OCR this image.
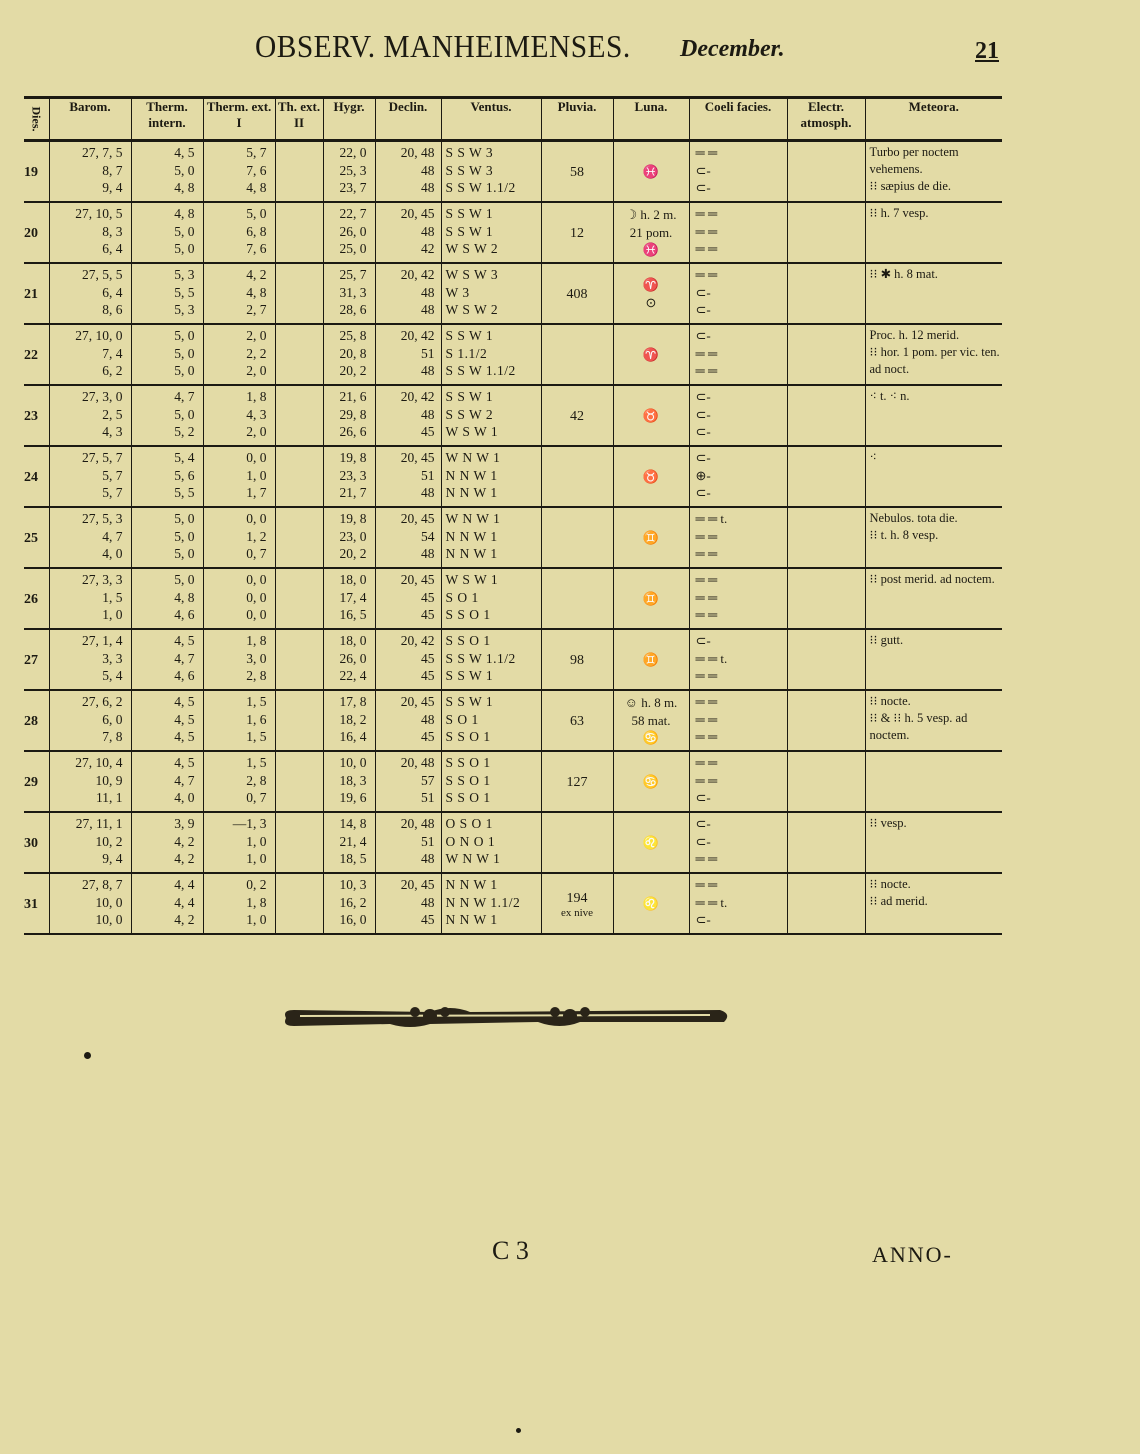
OBSERV. MANHEIMENSES. December.	21
Dies.	Barom.	Therm. intern.	Therm. ext. I	Th. ext. II	Hygr.	Declin.	Ventus.	Pluvia.	Luna.	Coeli facies.	Electr. atmosph.	Meteora.
19	27, 7, 5
8, 7
9, 4	4, 5
5, 0
4, 8	5, 7
7, 6
4, 8		22, 0
25, 3
23, 7	20, 48
48
48	S S W 3
S S W 3
S S W 1.1/2	58	♓	═ ═
⊂-
⊂-		Turbo per noctem vehemens.
⁝⁝ sæpius de die.

20	27, 10, 5
8, 3
6, 4	4, 8
5, 0
5, 0	5, 0
6, 8
7, 6		22, 7
26, 0
25, 0	20, 45
48
42	S S W 1
S S W 1
W S W 2	12	☽ h. 2 m.
21 pom.
♓	═ ═
═ ═
═ ═		⁝⁝ h. 7 vesp.

21	27, 5, 5
6, 4
8, 6	5, 3
5, 5
5, 3	4, 2
4, 8
2, 7		25, 7
31, 3
28, 6	20, 42
48
48	W S W 3
W 3
W S W 2	408	♈
⊙	═ ═
⊂-
⊂-		⁝⁝ ✱ h. 8 mat.

22	27, 10, 0
7, 4
6, 2	5, 0
5, 0
5, 0	2, 0
2, 2
2, 0		25, 8
20, 8
20, 2	20, 42
51
48	S S W 1
S 1.1/2
S S W 1.1/2		♈	⊂-
═ ═
═ ═		Proc. h. 12 merid.
⁝⁝ hor. 1 pom. per vic. ten. ad noct.

23	27, 3, 0
2, 5
4, 3	4, 7
5, 0
5, 2	1, 8
4, 3
2, 0		21, 6
29, 8
26, 6	20, 42
48
45	S S W 1
S S W 2
W S W 1	42	♉	⊂-
⊂-
⊂-		⁖ t. ⁖ n.

24	27, 5, 7
5, 7
5, 7	5, 4
5, 6
5, 5	0, 0
1, 0
1, 7		19, 8
23, 3
21, 7	20, 45
51
48	W N W 1
N N W 1
N N W 1		♉	⊂-
⊕-
⊂-		⁖

25	27, 5, 3
4, 7
4, 0	5, 0
5, 0
5, 0	0, 0
1, 2
0, 7		19, 8
23, 0
20, 2	20, 45
54
48	W N W 1
N N W 1
N N W 1		♊	═ ═ t.
═ ═
═ ═		Nebulos. tota die.
⁝⁝ t. h. 8 vesp.

26	27, 3, 3
1, 5
1, 0	5, 0
4, 8
4, 6	0, 0
0, 0
0, 0		18, 0
17, 4
16, 5	20, 45
45
45	W S W 1
S O 1
S S O 1		♊	═ ═
═ ═
═ ═		⁝⁝ post merid. ad noctem.

27	27, 1, 4
3, 3
5, 4	4, 5
4, 7
4, 6	1, 8
3, 0
2, 8		18, 0
26, 0
22, 4	20, 42
45
45	S S O 1
S S W 1.1/2
S S W 1	98	♊	⊂-
═ ═ t.
═ ═		⁝⁝ gutt.

28	27, 6, 2
6, 0
7, 8	4, 5
4, 5
4, 5	1, 5
1, 6
1, 5		17, 8
18, 2
16, 4	20, 45
48
45	S S W 1
S O 1
S S O 1	63	☺ h. 8 m.
58 mat.
♋	═ ═
═ ═
═ ═		⁝⁝ nocte.
⁝⁝ & ⁝⁝ h. 5 vesp. ad noctem.

29	27, 10, 4
10, 9
11, 1	4, 5
4, 7
4, 0	1, 5
2, 8
0, 7		10, 0
18, 3
19, 6	20, 48
57
51	S S O 1
S S O 1
S S O 1	127	♋	═ ═
═ ═
⊂-		

30	27, 11, 1
10, 2
9, 4	3, 9
4, 2
4, 2	—1, 3
1, 0
1, 0		14, 8
21, 4
18, 5	20, 48
51
48	O S O 1
O N O 1
W N W 1		♌	⊂-
⊂-
═ ═		⁝⁝ vesp.

31	27, 8, 7
10, 0
10, 0	4, 4
4, 4
4, 2	0, 2
1, 8
1, 0		10, 3
16, 2
16, 0	20, 45
48
45	N N W 1
N N W 1.1/2
N N W 1	194
ex nive	♌	═ ═
═ ═ t.
⊂-		⁝⁝ nocte.
⁝⁝ ad merid.
C 3	ANNO-
